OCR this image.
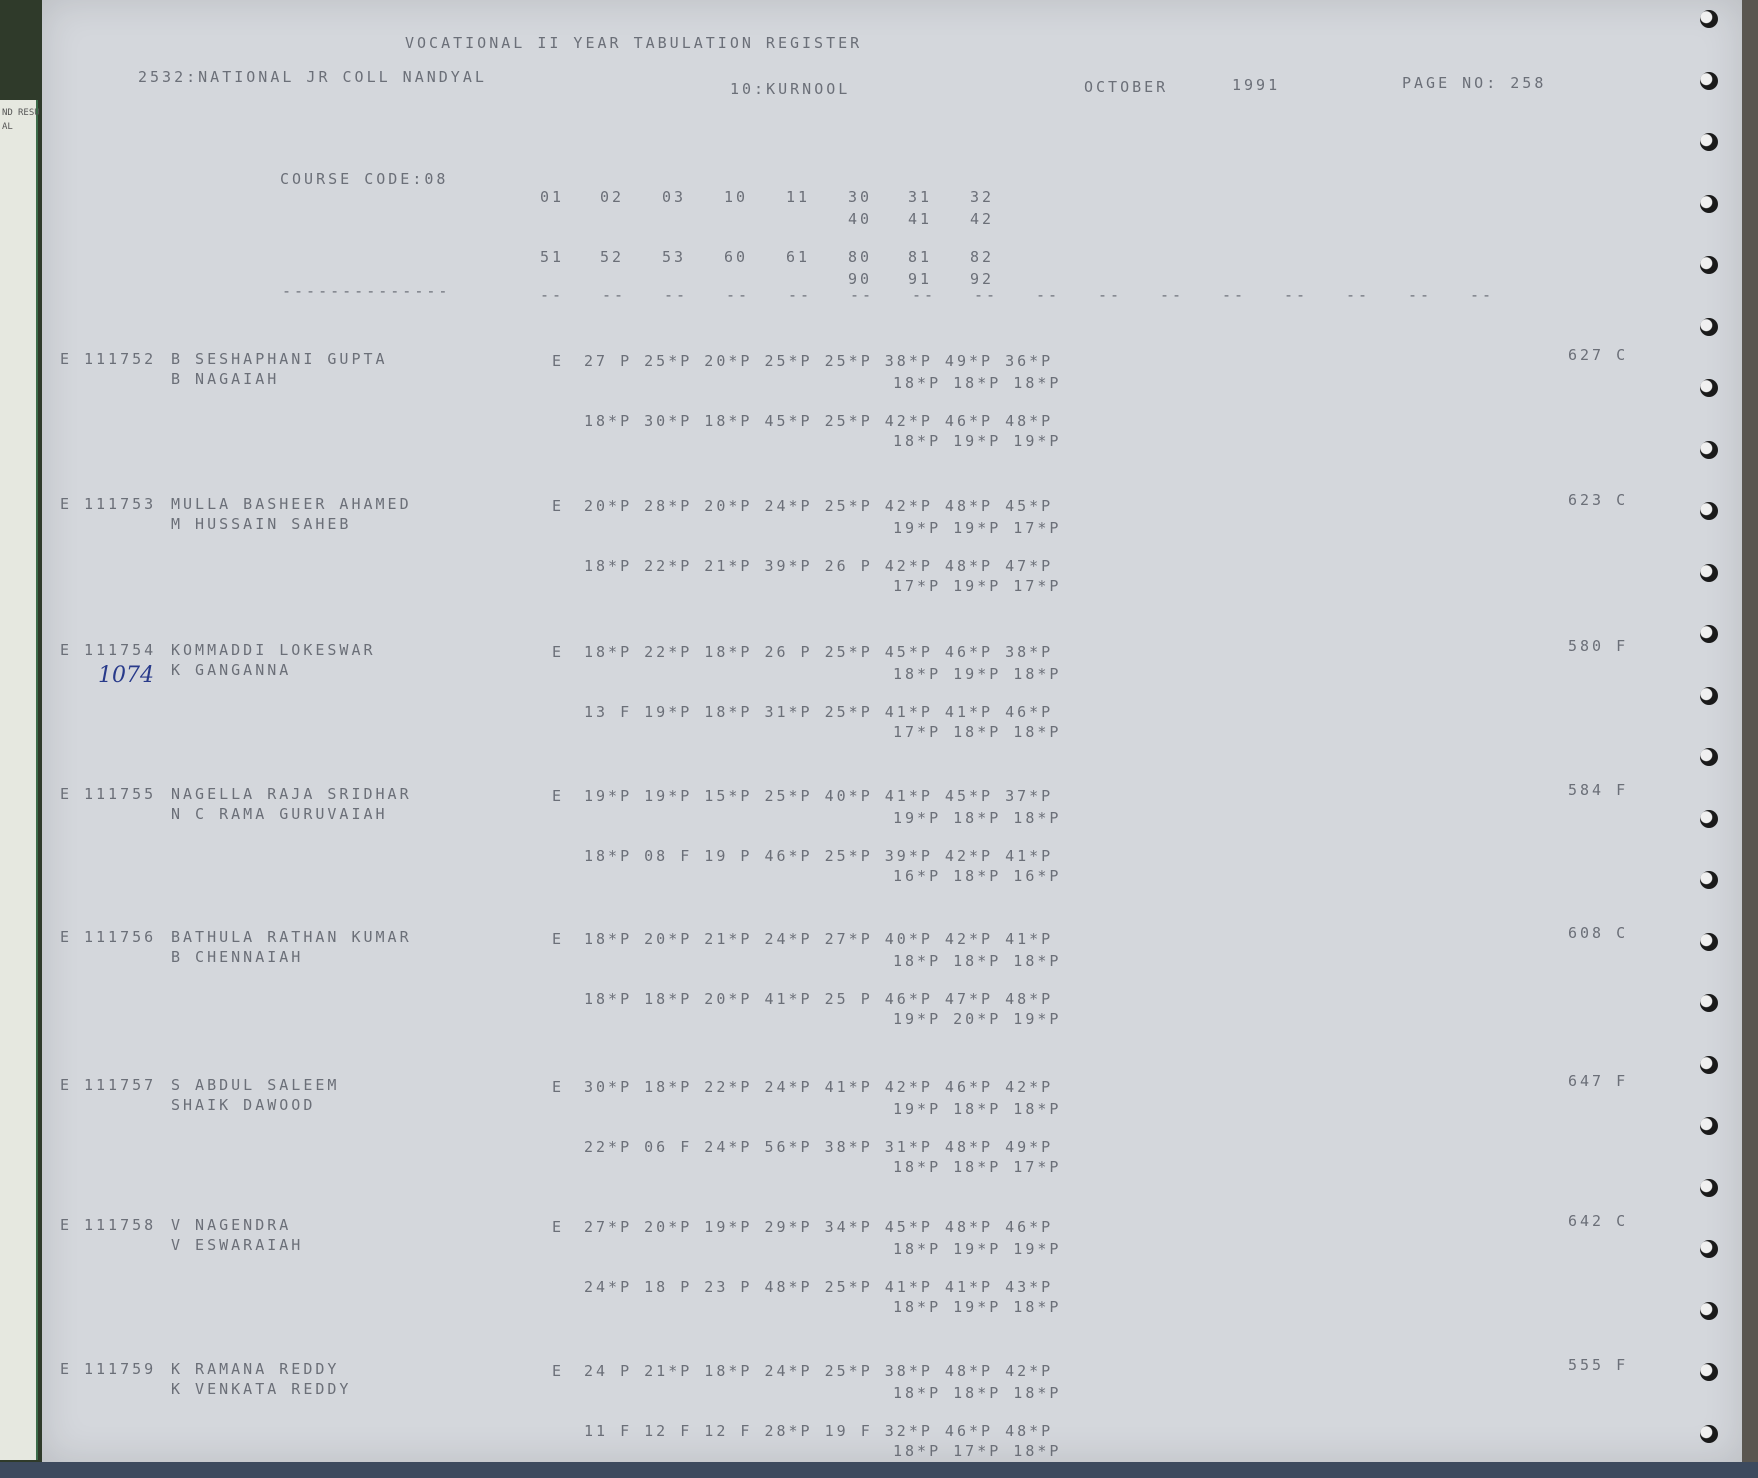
ND
AL
RESU
VOCATIONAL II YEAR TABULATION REGISTER
2532:NATIONAL JR COLL NANDYAL
10:KURNOOL	OCTOBER	1991	PAGE NO: 258
COURSE CODE:08
01 02	03	10	11	30 31	32
40 41	42
51 52	53	60	61	80 81	82
90 91	92
--------------	--	--	--	--	--	--	--	--	--	--	--	--	--	--	--	--
E 111752 B SESHAPHANI GUPTA
B NAGAIAH
E 27 P 25*P 20*P 25*P 25*P 38*P 49*P 36*P
18*P 18*P 18*P
18*P 30*P 18*P 45*P 25*P 42*P 46*P 48*P
18*P 19*P 19*P
627 C
E 111753 MULLA BASHEER AHAMED
M HUSSAIN SAHEB
E 20*P 28*P 20*P 24*P 25*P 42*P 48*P 45*P
19*P 19*P 17*P
18*P 22*P 21*P 39*P 26 P 42*P 48*P 47*P
17*P 19*P 17*P
623 C
E 111754 KOMMADDI LOKESWAR
K GANGANNA
E 18*P 22*P 18*P 26 P 25*P 45*P 46*P 38*P
18*P 19*P 18*P
13 F 19*P 18*P 31*P 25*P 41*P 41*P 46*P
17*P 18*P 18*P
580 F
1074
E 111755 NAGELLA RAJA SRIDHAR
N C RAMA GURUVAIAH
E 19*P 19*P 15*P 25*P 40*P 41*P 45*P 37*P
19*P 18*P 18*P
18*P 08 F 19 P 46*P 25*P 39*P 42*P 41*P
16*P 18*P 16*P
584 F
E 111756 BATHULA RATHAN KUMAR
B CHENNAIAH
E 18*P 20*P 21*P 24*P 27*P 40*P 42*P 41*P
18*P 18*P 18*P
18*P 18*P 20*P 41*P 25 P 46*P 47*P 48*P
19*P 20*P 19*P
608 C
E 111757 S ABDUL SALEEM
SHAIK DAWOOD
E 30*P 18*P 22*P 24*P 41*P 42*P 46*P 42*P
19*P 18*P 18*P
22*P 06 F 24*P 56*P 38*P 31*P 48*P 49*P
18*P 18*P 17*P
647 F
E 111758 V NAGENDRA
V ESWARAIAH
E 27*P 20*P 19*P 29*P 34*P 45*P 48*P 46*P
18*P 19*P 19*P
24*P 18 P 23 P 48*P 25*P 41*P 41*P 43*P
18*P 19*P 18*P
642 C
E 111759 K RAMANA REDDY
K VENKATA REDDY
E 24 P 21*P 18*P 24*P 25*P 38*P 48*P 42*P
18*P 18*P 18*P
11 F 12 F 12 F 28*P 19 F 32*P 46*P 48*P
18*P 17*P 18*P
555 F
